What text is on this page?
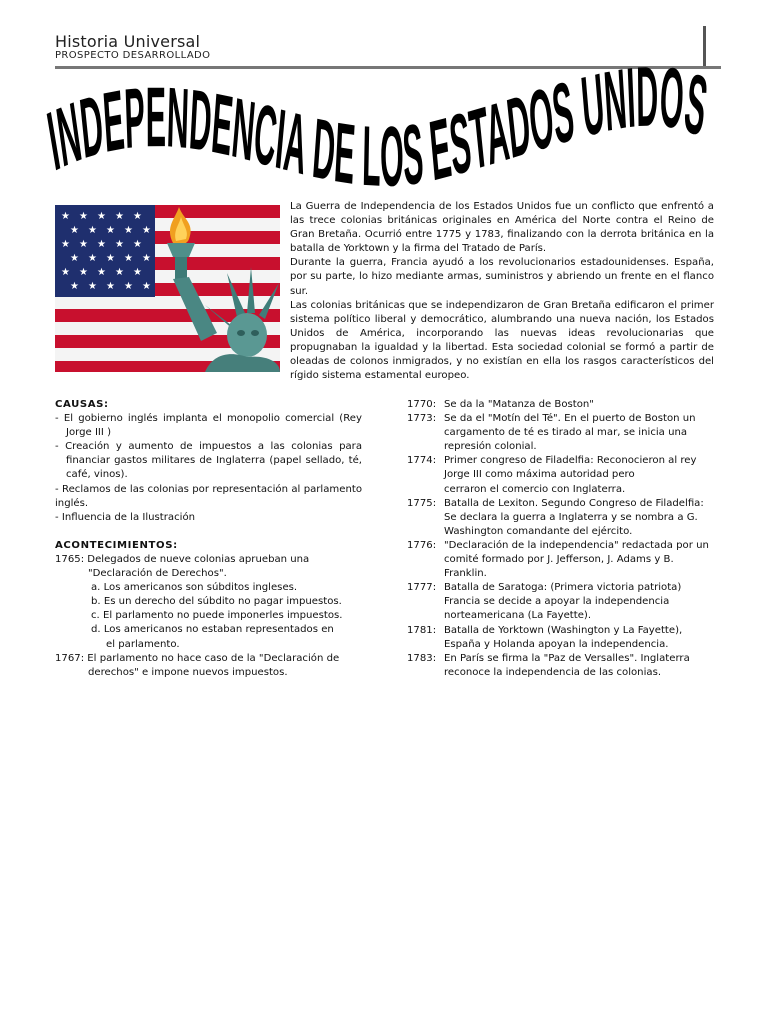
Historia Universal
PROSPECTO DESARROLLADO
INDEPENDENCIA DE LOS ESTADOS UNIDOS
★ ★ ★ ★ ★
★ ★ ★ ★ ★
★ ★ ★ ★ ★
★ ★ ★ ★ ★
★ ★ ★ ★ ★
★ ★ ★ ★ ★

La Guerra de Independencia de los Estados Unidos fue un conflicto que enfrentó a las trece colonias británicas originales en América del Norte contra el Reino de Gran Bretaña. Ocurrió entre 1775 y 1783, finalizando con la derrota británica en la batalla de Yorktown y la firma del Tratado de París.

Durante la guerra, Francia ayudó a los revolucionarios estadounidenses. España, por su parte, lo hizo mediante armas, suministros y abriendo un frente en el flanco sur.

Las colonias británicas que se independizaron de Gran Bretaña edificaron el primer sistema político liberal y democrático, alumbrando una nueva nación, los Estados Unidos de América, incorporando las nuevas ideas revolucionarias que propugnaban la igualdad y la libertad. Esta sociedad colonial se formó a partir de oleadas de colonos inmigrados, y no existían en ella los rasgos característicos del rígido sistema estamental europeo.

CAUSAS:
- El gobierno inglés implanta el monopolio comercial (Rey Jorge III )
- Creación y aumento de impuestos a las colonias para financiar gastos militares de Inglaterra (papel sellado, té, café, vinos).
- Reclamos de las colonias por representación al parlamento inglés.
- Influencia de la Ilustración
ACONTECIMIENTOS:
1765: Delegados de nueve colonias aprueban una "Declaración de Derechos".
a. Los americanos son súbditos ingleses.
b. Es un derecho del súbdito no pagar impuestos.
c. El parlamento no puede imponerles impuestos.
d. Los americanos no estaban representados en
el parlamento.
1767: El parlamento no hace caso de la "Declaración de derechos" e impone nuevos impuestos.
1770: Se da la "Matanza de Boston"
1773: Se da el "Motín del Té". En el puerto de Boston un
cargamento de té es tirado al mar, se inicia una
represión colonial.
1774: Primer congreso de Filadelfia: Reconocieron al rey
Jorge III como máxima autoridad pero
cerraron el comercio con Inglaterra.
1775: Batalla de Lexiton. Segundo Congreso de Filadelfia:
Se declara la guerra a Inglaterra y se nombra a G.
Washington comandante del ejército.
1776: "Declaración de la independencia" redactada por un
comité formado por J. Jefferson, J. Adams y B.
Franklin.
1777: Batalla de Saratoga: (Primera victoria patriota)
Francia se decide a apoyar la independencia
norteamericana (La Fayette).
1781: Batalla de Yorktown (Washington y La Fayette),
España y Holanda apoyan la independencia.
1783: En París se firma la "Paz de Versalles". Inglaterra
reconoce la independencia de las colonias.
